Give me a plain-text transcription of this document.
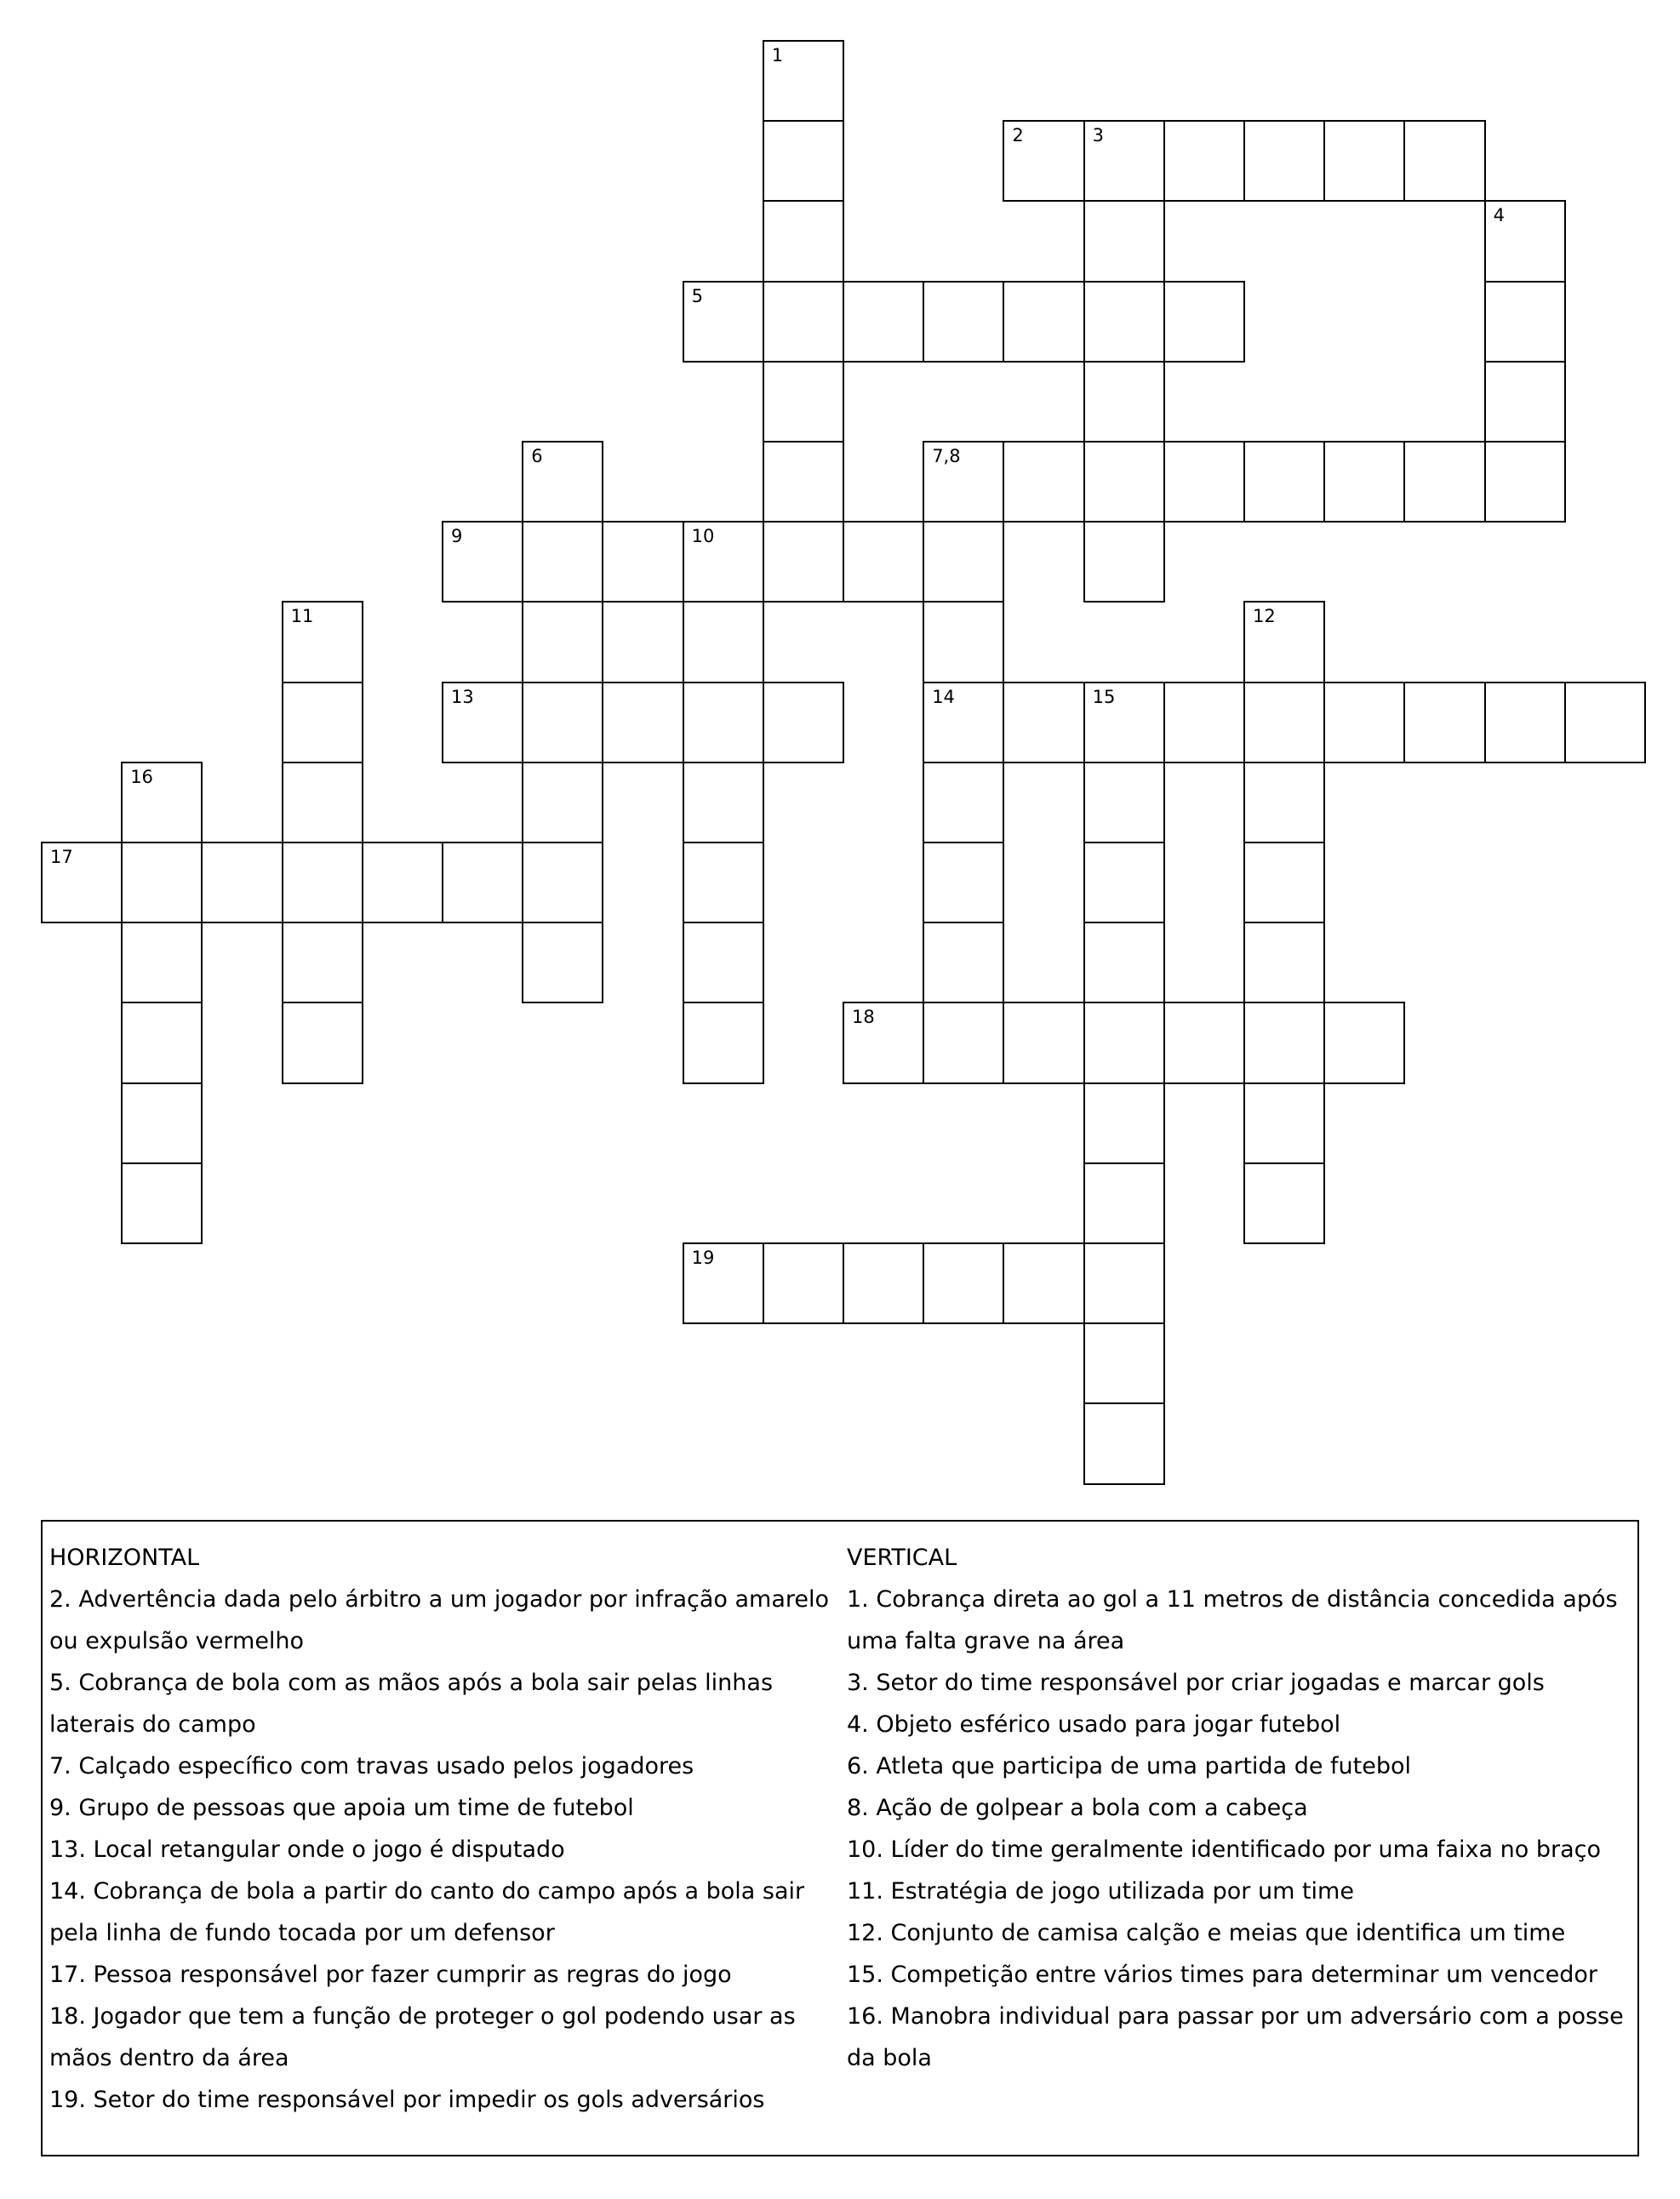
2	3
5
7,8
9	10
13	14	15
17
18
19
1
4
6
11	12
16

HORIZONTAL

2. Advertência dada pelo árbitro a um jogador por infração amarelo ou expulsão vermelho

5. Cobrança de bola com as mãos após a bola sair pelas linhas laterais do campo

7. Calçado específico com travas usado pelos jogadores

9. Grupo de pessoas que apoia um time de futebol

13. Local retangular onde o jogo é disputado

14. Cobrança de bola a partir do canto do campo após a bola sair pela linha de fundo tocada por um defensor

17. Pessoa responsável por fazer cumprir as regras do jogo

18. Jogador que tem a função de proteger o gol podendo usar as mãos dentro da área

19. Setor do time responsável por impedir os gols adversários

VERTICAL

1. Cobrança direta ao gol a 11 metros de distância concedida após uma falta grave na área

3. Setor do time responsável por criar jogadas e marcar gols

4. Objeto esférico usado para jogar futebol

6. Atleta que participa de uma partida de futebol

8. Ação de golpear a bola com a cabeça

10. Líder do time geralmente identificado por uma faixa no braço

11. Estratégia de jogo utilizada por um time

12. Conjunto de camisa calção e meias que identifica um time

15. Competição entre vários times para determinar um vencedor

16. Manobra individual para passar por um adversário com a posse da bola
